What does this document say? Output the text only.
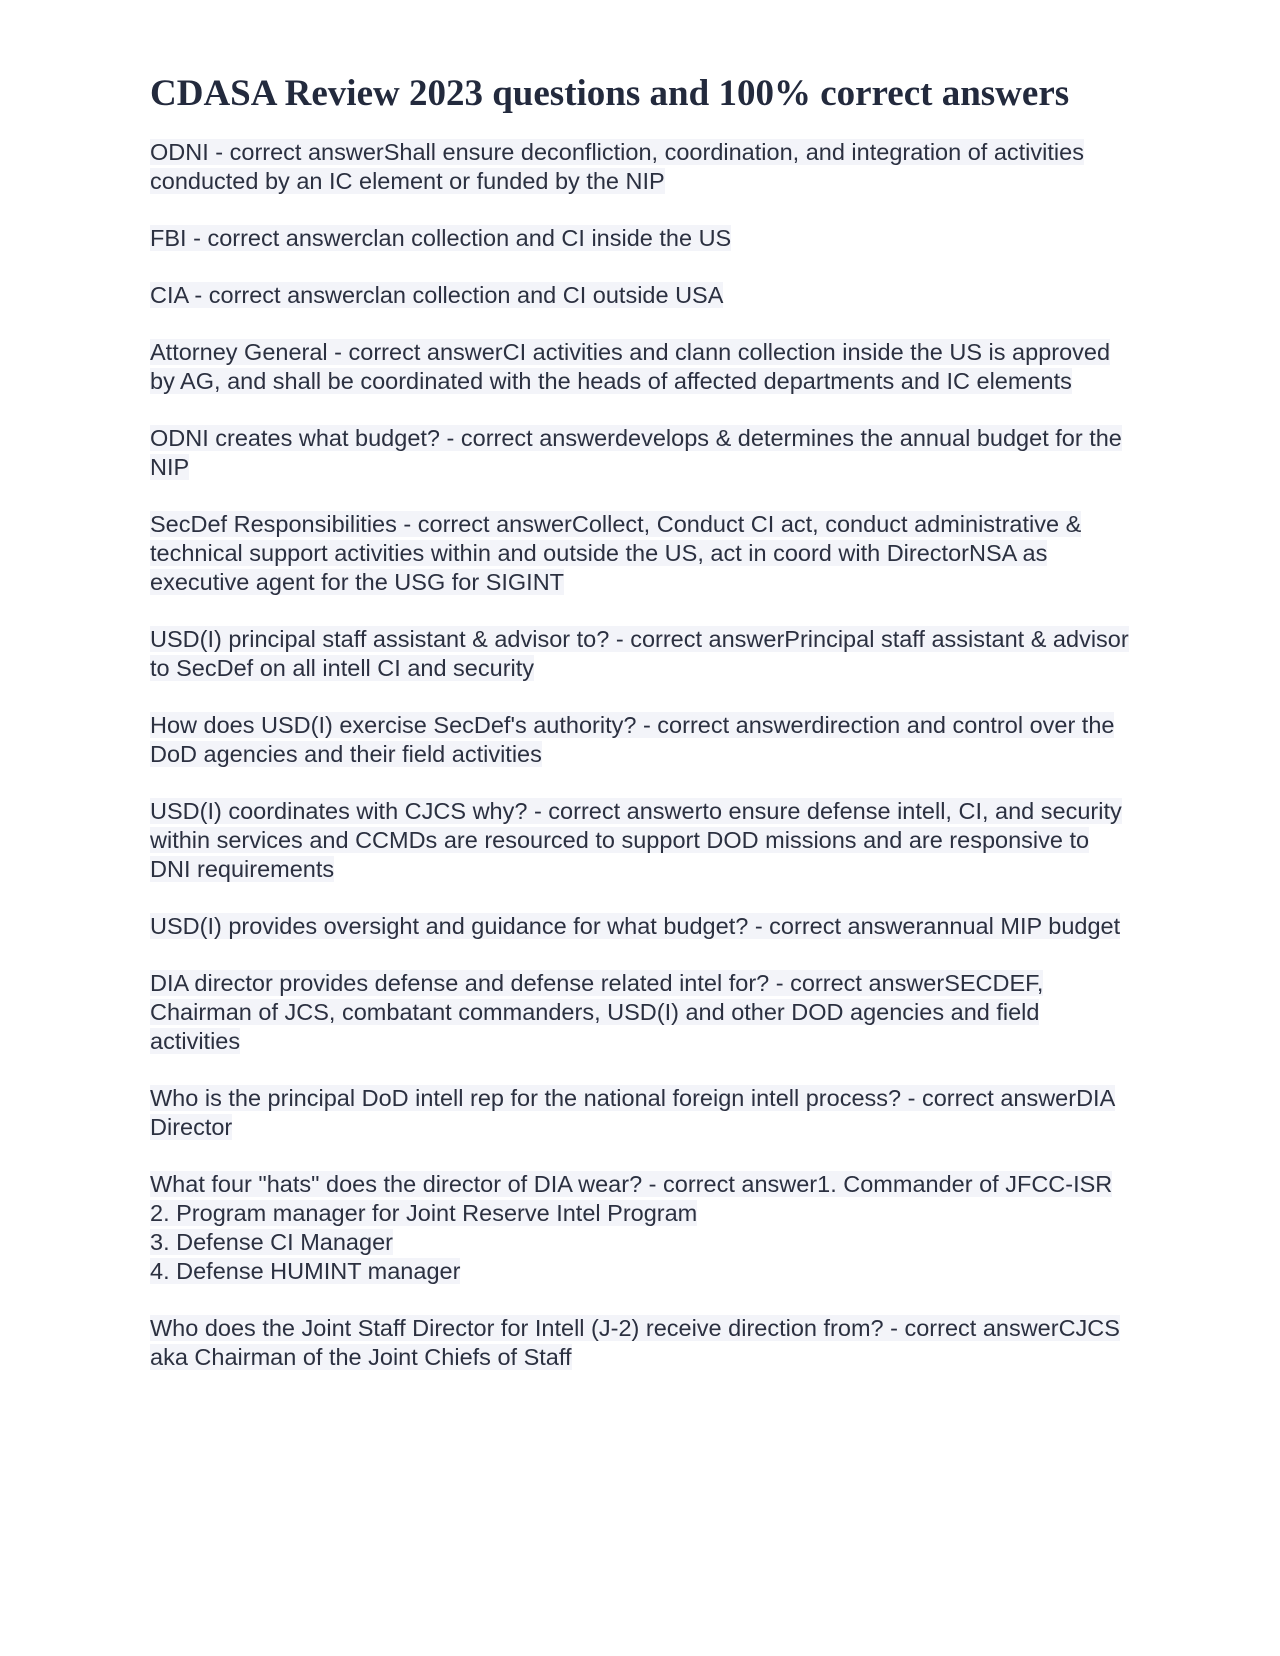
CDASA Review 2023 questions and 100% correct answers

ODNI - correct answerShall ensure deconfliction, coordination, and integration of activities conducted by an IC element or funded by the NIP

FBI - correct answerclan collection and CI inside the US

CIA - correct answerclan collection and CI outside USA

Attorney General - correct answerCI activities and clann collection inside the US is approved by AG, and shall be coordinated with the heads of affected departments and IC elements

ODNI creates what budget? - correct answerdevelops & determines the annual budget for the NIP

SecDef Responsibilities - correct answerCollect, Conduct CI act, conduct administrative & technical support activities within and outside the US, act in coord with DirectorNSA as executive agent for the USG for SIGINT

USD(I) principal staff assistant & advisor to? - correct answerPrincipal staff assistant & advisor to SecDef on all intell CI and security

How does USD(I) exercise SecDef's authority? - correct answerdirection and control over the DoD agencies and their field activities

USD(I) coordinates with CJCS why? - correct answerto ensure defense intell, CI, and security within services and CCMDs are resourced to support DOD missions and are responsive to DNI requirements

USD(I) provides oversight and guidance for what budget? - correct answerannual MIP budget

DIA director provides defense and defense related intel for? - correct answerSECDEF, Chairman of JCS, combatant commanders, USD(I) and other DOD agencies and field activities

Who is the principal DoD intell rep for the national foreign intell process? - correct answerDIA Director

What four "hats" does the director of DIA wear? - correct answer1. Commander of JFCC-ISR
2. Program manager for Joint Reserve Intel Program
3. Defense CI Manager
4. Defense HUMINT manager

Who does the Joint Staff Director for Intell (J-2) receive direction from? - correct answerCJCS aka Chairman of the Joint Chiefs of Staff
